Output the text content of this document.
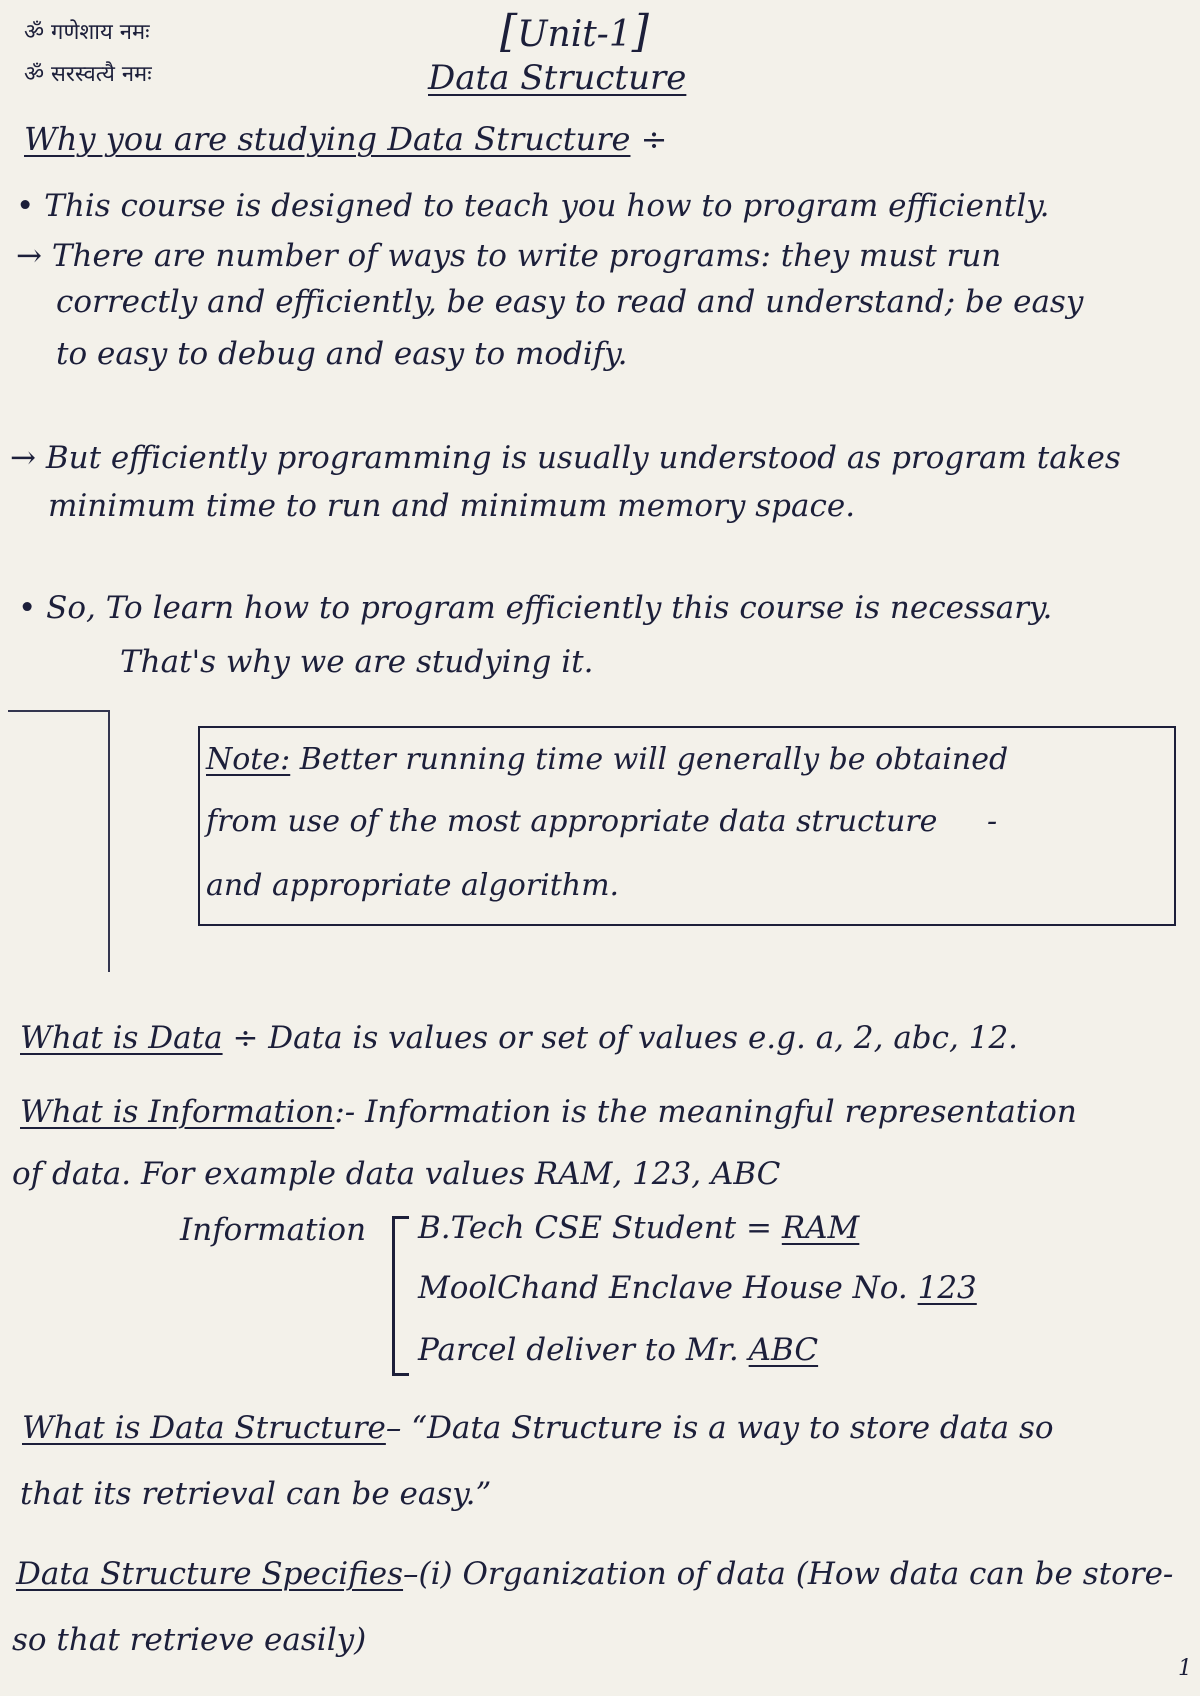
ॐ गणेशाय नमः
ॐ सरस्वत्यै नमः
[Unit-1]
Data Structure
Why you are studying Data Structure ÷
• This course is designed to teach you how to program efficiently.
→ There are number of ways to write programs: they must run
correctly and efficiently, be easy to read and understand; be easy
to easy to debug and easy to modify.
→ But efficiently programming is usually understood as program takes
minimum time to run and minimum memory space.
• So, To learn how to program efficiently this course is necessary.
That's why we are studying it.
Note: Better running time will generally be obtained
from use of the most appropriate data structure -
and appropriate algorithm.
What is Data ÷ Data is values or set of values e.g. a, 2, abc, 12.
What is Information:- Information is the meaningful representation
of data. For example data values RAM, 123, ABC
Information B.Tech CSE Student = RAM
MoolChand Enclave House No. 123
Parcel deliver to Mr. ABC
What is Data Structure– “Data Structure is a way to store data so
that its retrieval can be easy.”
Data Structure Specifies–(i) Organization of data (How data can be store-
so that retrieve easily)
1
